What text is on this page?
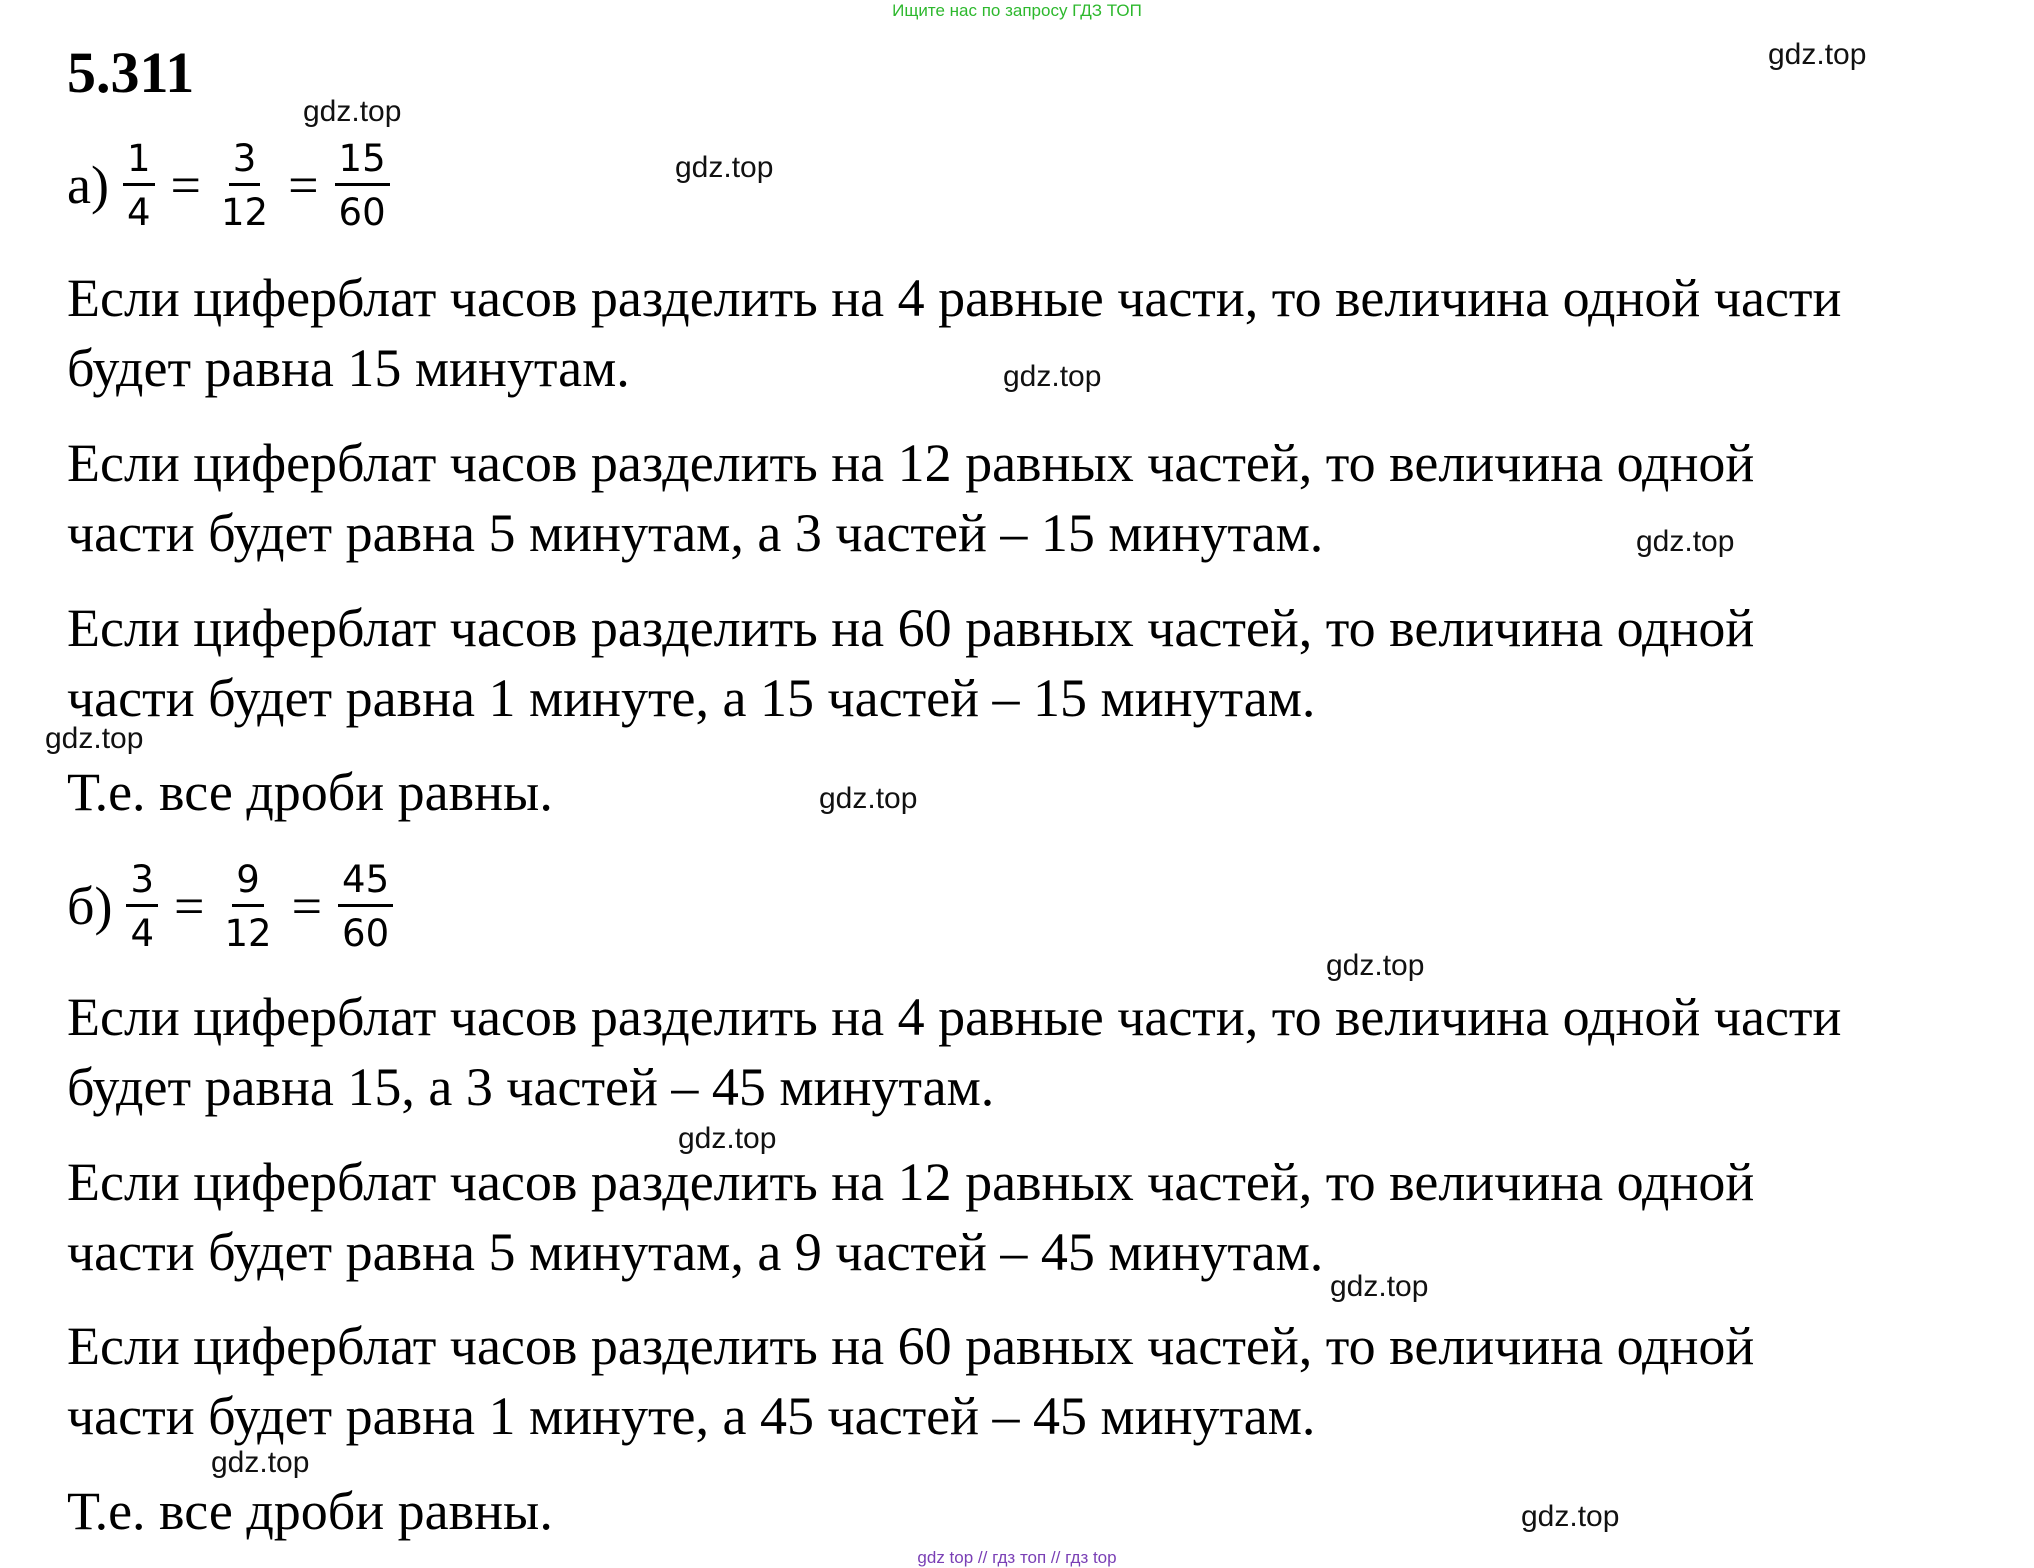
Ищите нас по запросу ГДЗ ТОП
5.311
$а) \frac{1}{4} = \frac{3}{12} = \frac{15}{60}$
Если циферблат часов разделить на 4 равные части, то величина одной части
будет равна 15 минутам.
Если циферблат часов разделить на 12 равных частей, то величина одной
части будет равна 5 минутам, а 3 частей – 15 минутам.
Если циферблат часов разделить на 60 равных частей, то величина одной
части будет равна 1 минуте, а 15 частей – 15 минутам.
Т.е. все дроби равны.
$б) \frac{3}{4} = \frac{9}{12} = \frac{45}{60}$
Если циферблат часов разделить на 4 равные части, то величина одной части
будет равна 15, а 3 частей – 45 минутам.
Если циферблат часов разделить на 12 равных частей, то величина одной
части будет равна 5 минутам, а 9 частей – 45 минутам.
Если циферблат часов разделить на 60 равных частей, то величина одной
части будет равна 1 минуте, а 45 частей – 45 минутам.
Т.е. все дроби равны.
gdz.top
gdz.top
gdz.top
gdz.top
gdz.top
gdz.top
gdz.top
gdz.top
gdz.top
gdz.top
gdz.top
gdz.top
gdz top // гдз топ // гдз top
